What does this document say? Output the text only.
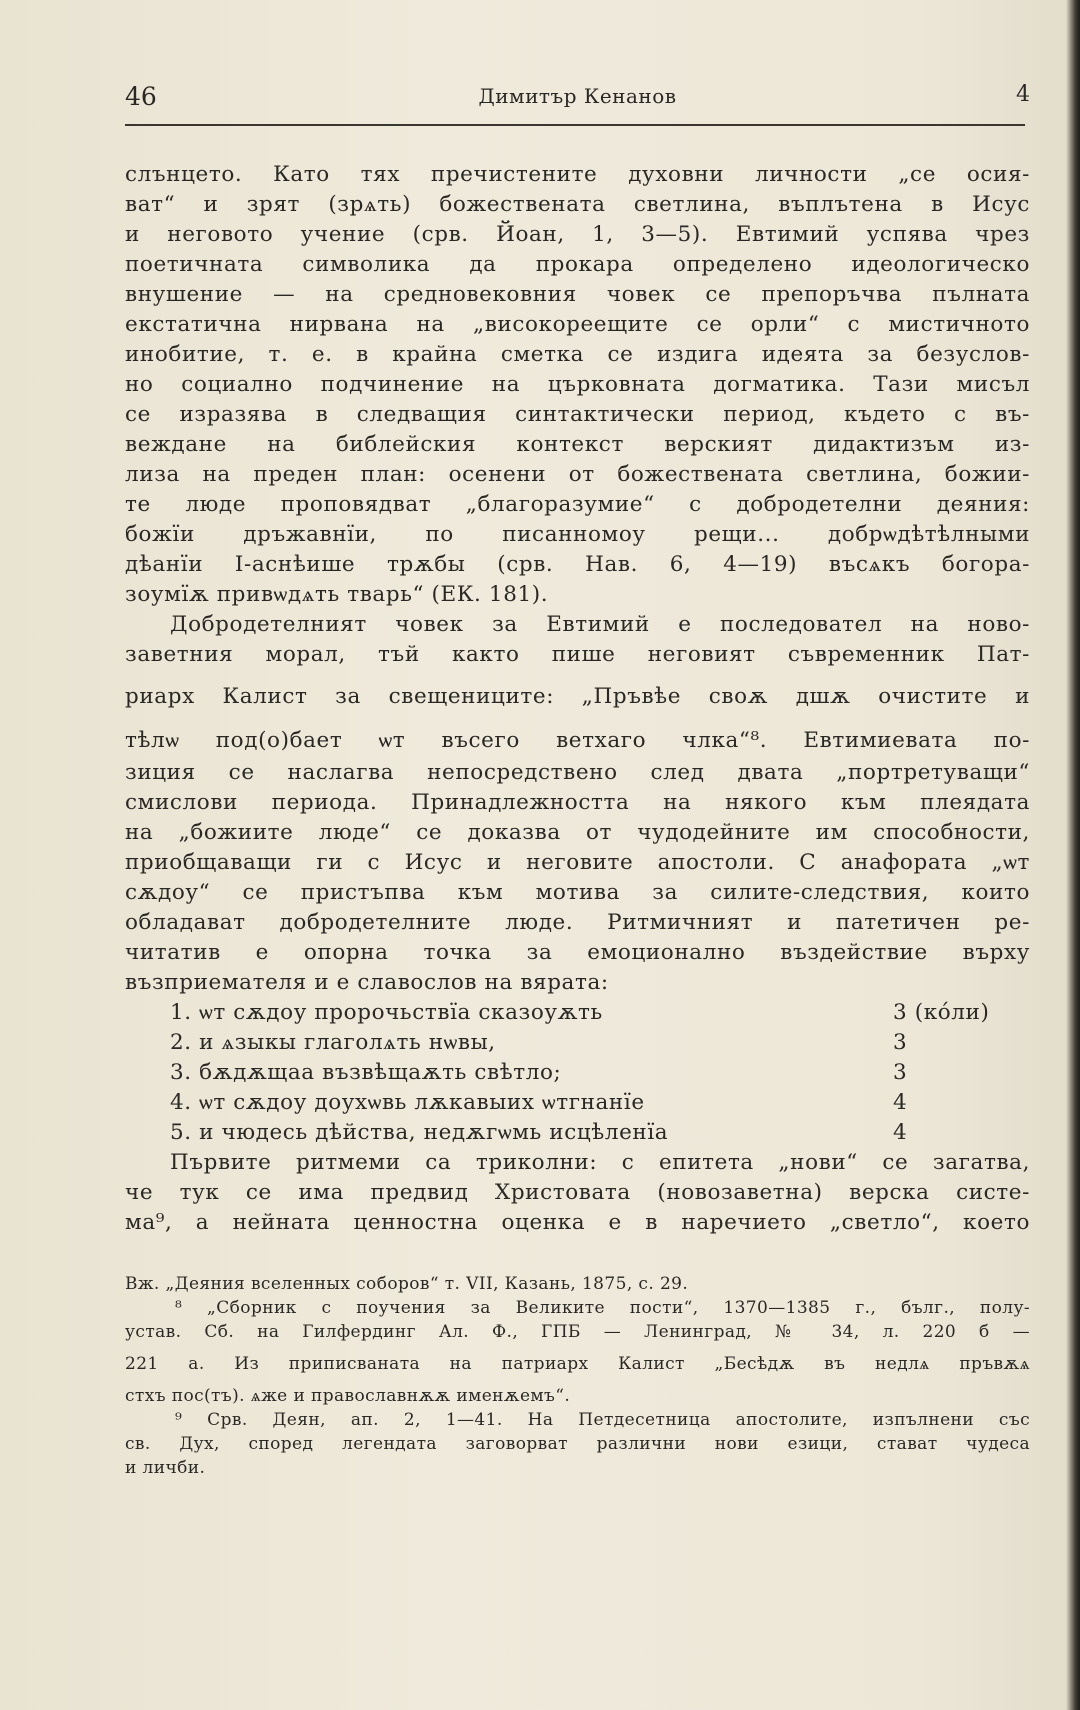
46	Димитър Кенанов	4
слънцето. Като тях пречистените духовни личности „се осия-
ват“ и зрят (зрѧть) божествената светлина, въплътена в Исус
и неговото учение (срв. Йоан, 1, 3—5). Евтимий успява чрез
поетичната символика да прокара определено идеологическо
внушение — на средновековния човек се препоръчва пълната
екстатична нирвана на „високореещите се орли“ с мистичното
инобитие, т. е. в крайна сметка се издига идеята за безуслов-
но социално подчинение на църковната догматика. Тази мисъл
се изразява в следващия синтактически период, където с въ-
веждане на библейския контекст верският дидактизъм из-
лиза на преден план: осенени от божествената светлина, божии-
те люде проповядват „благоразумие“ с добродетелни деяния:
божїи дръжавнїи, по писанномоу рещи... добрѡдѣтѣлными
дѣанїи І-аснѣише трѫбы (срв. Нав. 6, 4—19) въсѧкъ богора-
зоумїѫ привѡдѧть тварь“ (ЕК. 181).
Добродетелният човек за Евтимий е последовател на ново-
заветния морал, тъй както пише неговият съвременник Пат-
риарх Калист за свещениците: „Пръвѣе своѫ дшѫ очистите и
тѣлѡ под(о)бает ѡт въсего ветхаго члка“⁸. Евтимиевата по-
зиция се наслагва непосредствено след двата „портретуващи“
смислови периода. Принадлежността на някого към плеядата
на „божиите люде“ се доказва от чудодейните им способности,
приобщаващи ги с Исус и неговите апостоли. С анафората „ѡт
сѫдоу“ се пристъпва към мотива за силите-следствия, които
обладават добродетелните люде. Ритмичният и патетичен ре-
читатив е опорна точка за емоционално въздействие върху
възприемателя и е славослов на вярата:
1. ѡт сѫдоу пророчьствїа сказоуѫть	3 (кóли)
2. и ѧзыкы глаголѧть нѡвы,	3
3. бѫдѫщаа възвѣщаѫть свѣтло;	3
4. ѡт сѫдоу доухѡвь лѫкавыих ѡтгнанїе	4
5. и чюдесь дѣйства, недѫгѡмь исцѣленїа	4
Първите ритмеми са триколни: с епитета „нови“ се загатва,
че тук се има предвид Христовата (новозаветна) верска систе-
ма⁹, а нейната ценностна оценка е в наречието „светло“, което
Вж. „Деяния вселенных соборов“ т. VII, Казань, 1875, с. 29.
⁸ „Сборник с поучения за Великите пости“, 1370—1385 г., бълг., полу-
устав. Сб. на Гилфердинг Ал. Ф., ГПБ — Ленинград, № 34, л. 220 б —
221 а. Из приписваната на патриарх Калист „Бесѣдѫ въ недлѧ пръвѫѧ
стхъ пос(тъ). ѧже и православнѫѫ именѫемъ“.
⁹ Срв. Деян, ап. 2, 1—41. На Петдесетница апостолите, изпълнени със
св. Дух, според легендата заговорват различни нови езици, стават чудеса
и личби.
